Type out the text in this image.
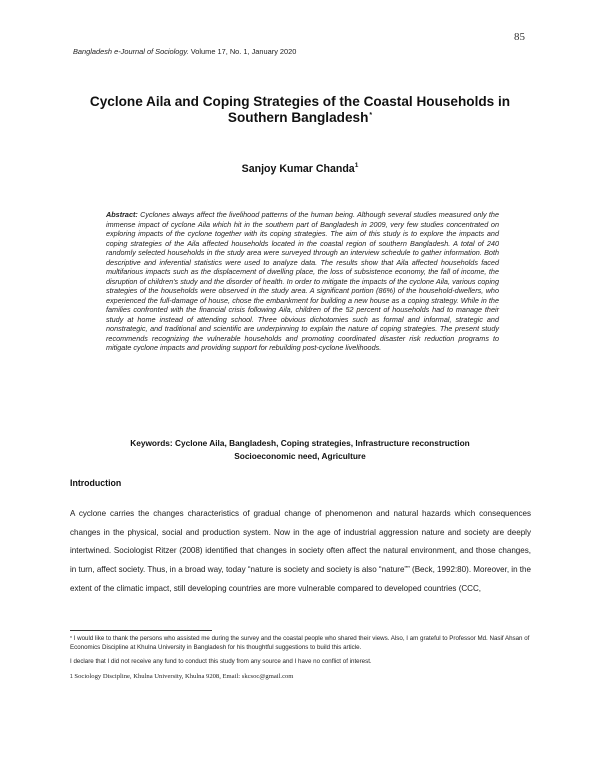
85
Bangladesh e-Journal of Sociology. Volume 17, No. 1, January 2020
Cyclone Aila and Coping Strategies of the Coastal Households in
Southern Bangladesh*
Sanjoy Kumar Chanda$^1$
Abstract: Cyclones always affect the livelihood patterns of the human being. Although several studies measured only the immense impact of cyclone Aila which hit in the southern part of Bangladesh in 2009, very few studies concentrated on exploring impacts of the cyclone together with its coping strategies. The aim of this study is to explore the impacts and coping strategies of the Aila affected households located in the coastal region of southern Bangladesh. A total of 240 randomly selected households in the study area were surveyed through an interview schedule to gather information. Both descriptive and inferential statistics were used to analyze data. The results show that Aila affected households faced multifarious impacts such as the displacement of dwelling place, the loss of subsistence economy, the fall of income, the disruption of children's study and the disorder of health. In order to mitigate the impacts of the cyclone Aila, various coping strategies of the households were observed in the study area. A significant portion (86%) of the household-dwellers, who experienced the full-damage of house, chose the embankment for building a new house as a coping strategy. While in the families confronted with the financial crisis following Aila, children of the 52 percent of households had to manage their study at home instead of attending school. Three obvious dichotomies such as formal and informal, strategic and nonstrategic, and traditional and scientific are underpinning to explain the nature of coping strategies. The present study recommends recognizing the vulnerable households and promoting coordinated disaster risk reduction programs to mitigate cyclone impacts and providing support for rebuilding post-cyclone livelihoods.
Keywords: Cyclone Aila, Bangladesh, Coping strategies, Infrastructure reconstruction
Socioeconomic need, Agriculture
Introduction
A cyclone carries the changes characteristics of gradual change of phenomenon and natural hazards which consequences changes in the physical, social and production system. Now in the age of industrial aggression nature and society are deeply intertwined. Sociologist Ritzer (2008) identified that changes in society often affect the natural environment, and those changes, in turn, affect society. Thus, in a broad way, today “nature is society and society is also “nature”” (Beck, 1992:80). Moreover, in the extent of the climatic impact, still developing countries are more vulnerable compared to developed countries (CCC,

* I would like to thank the persons who assisted me during the survey and the coastal people who shared their views. Also, I am grateful to Professor Md. Nasif Ahsan of Economics Discipline at Khulna University in Bangladesh for his thoughtful suggestions to build this article.

I declare that I did not receive any fund to conduct this study from any source and I have no conflict of interest.

$^1$ Sociology Discipline, Khulna University, Khulna 9208, Email: skcsoc@gmail.com
